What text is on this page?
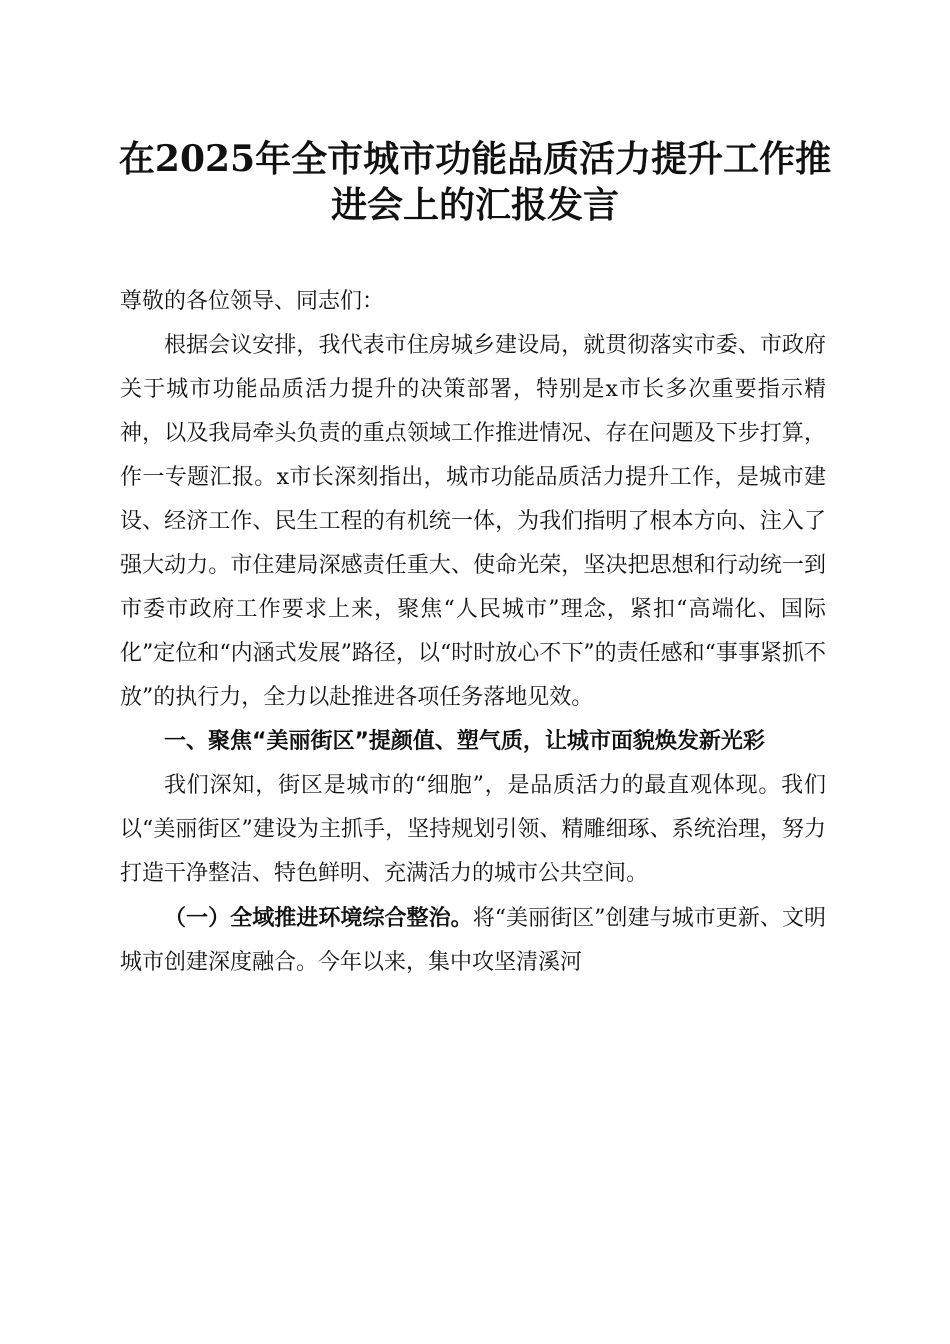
在2025年全市城市功能品质活力提升工作推
进会上的汇报发言

尊敬的各位领导、同志们：

根据会议安排，我代表市住房城乡建设局，就贯彻落实市委、市政府关于城市功能品质活力提升的决策部署，特别是x市长多次重要指示精神，以及我局牵头负责的重点领域工作推进情况、存在问题及下步打算，作一专题汇报。x市长深刻指出，城市功能品质活力提升工作，是城市建设、经济工作、民生工程的有机统一体，为我们指明了根本方向、注入了强大动力。市住建局深感责任重大、使命光荣，坚决把思想和行动统一到市委市政府工作要求上来，聚焦“人民城市”理念，紧扣“高端化、国际化”定位和“内涵式发展”路径，以“时时放心不下”的责任感和“事事紧抓不放”的执行力，全力以赴推进各项任务落地见效。

一、聚焦“美丽街区”提颜值、塑气质，让城市面貌焕发新光彩

我们深知，街区是城市的“细胞”，是品质活力的最直观体现。我们以“美丽街区”建设为主抓手，坚持规划引领、精雕细琢、系统治理，努力打造干净整洁、特色鲜明、充满活力的城市公共空间。

（一）全域推进环境综合整治。将“美丽街区”创建与城市更新、文明城市创建深度融合。今年以来，集中攻坚清溪河
